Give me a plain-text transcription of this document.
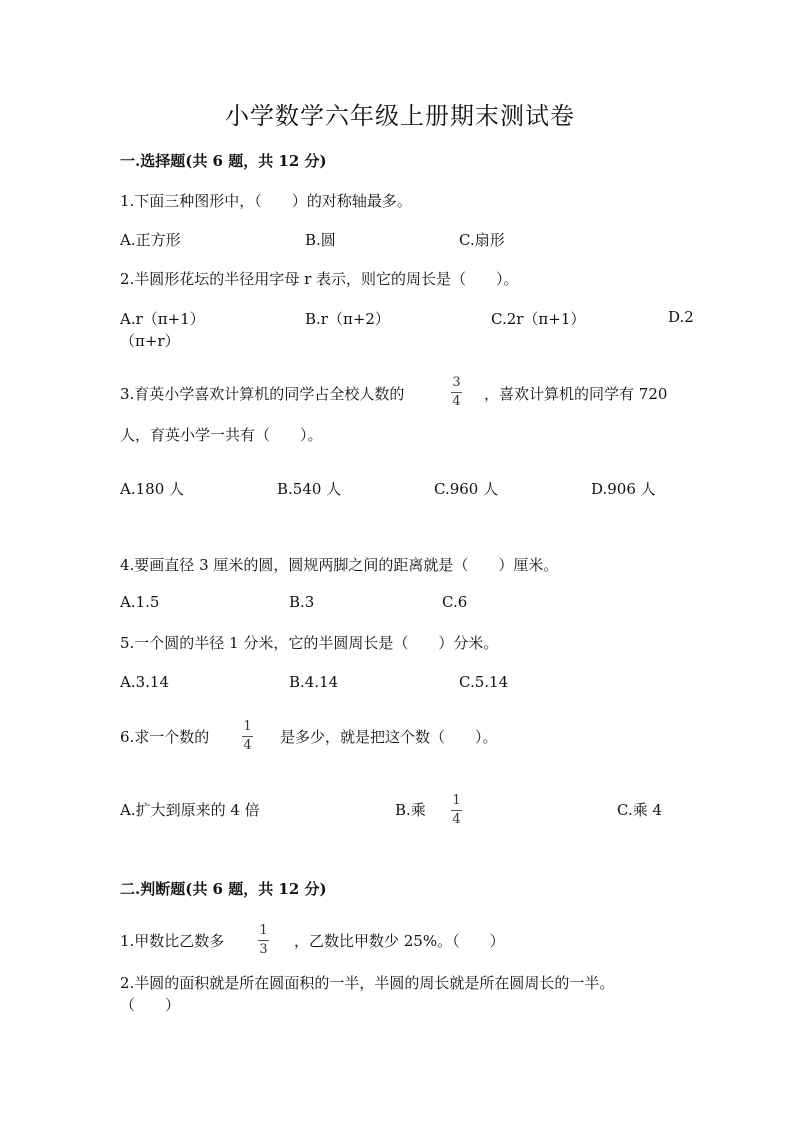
小学数学六年级上册期末测试卷
一.选择题(共 6 题，共 12 分)
1.下面三种图形中，（　　）的对称轴最多。
A.正方形	B.圆	C.扇形
2.半圆形花坛的半径用字母 r 表示，则它的周长是（　　）。
A.r（π+1）	B.r（π+2）	C.2r（π+1）	D.2
（π+r）
3.育英小学喜欢计算机的同学占全校人数的
3
4 ，喜欢计算机的同学有 720
人，育英小学一共有（　　）。
A.180 人	B.540 人	C.960 人	D.906 人
4.要画直径 3 厘米的圆，圆规两脚之间的距离就是（　　）厘米。
A.1.5	B.3	C.6
5.一个圆的半径 1 分米，它的半圆周长是（　　）分米。
A.3.14	B.4.14	C.5.14
6.求一个数的
1
4 是多少，就是把这个数（　　）。
A.扩大到原来的 4 倍	B.乘
1
4
C.乘 4
二.判断题(共 6 题，共 12 分)
1.甲数比乙数多
1
3 ，乙数比甲数少 25%。（　　）
2.半圆的面积就是所在圆面积的一半，半圆的周长就是所在圆周长的一半。
（　　）
